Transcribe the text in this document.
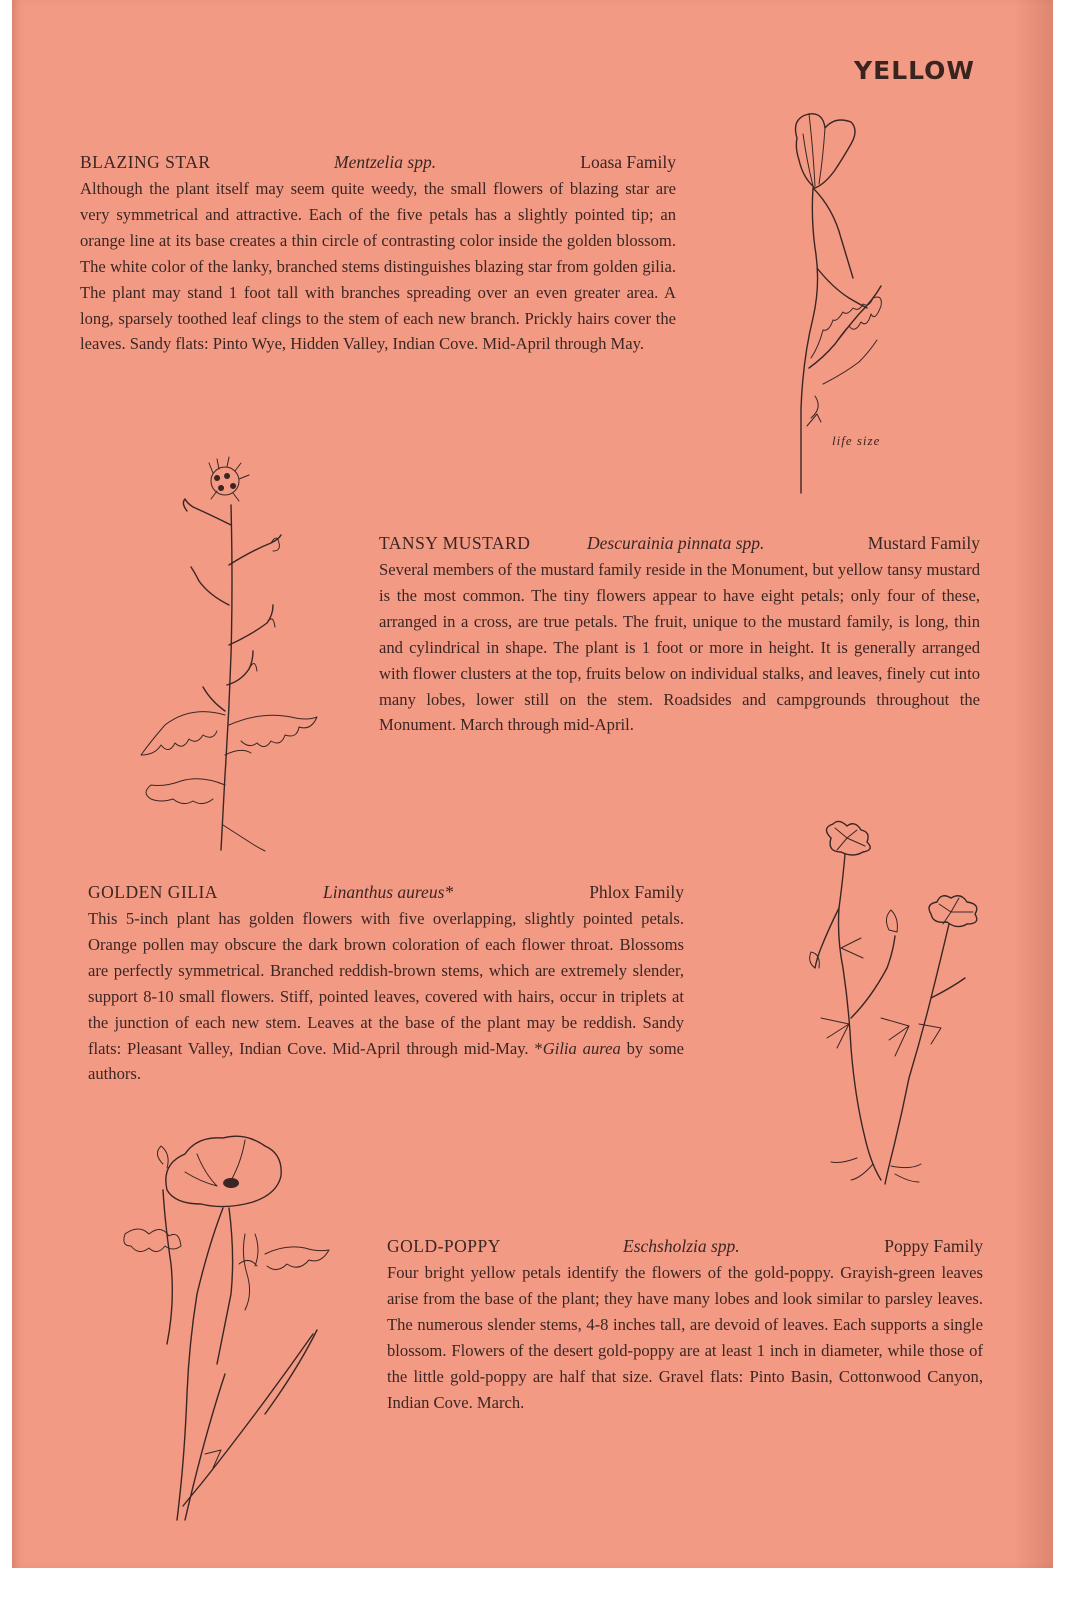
YELLOW
BLAZING STAR	Mentzelia spp.	Loasa Family

Although the plant itself may seem quite weedy, the small flowers of blazing star are very symmetrical and attractive. Each of the five petals has a slightly pointed tip; an orange line at its base creates a thin circle of contrasting color inside the golden blossom. The white color of the lanky, branched stems distinguishes blazing star from golden gilia. The plant may stand 1 foot tall with branches spreading over an even greater area. A long, sparsely toothed leaf clings to the stem of each new branch. Prickly hairs cover the leaves. Sandy flats: Pinto Wye, Hidden Valley, Indian Cove. Mid-April through May.

life size
TANSY MUSTARD	Descurainia pinnata spp.	Mustard Family

Several members of the mustard family reside in the Monument, but yellow tansy mustard is the most common. The tiny flowers appear to have eight petals; only four of these, arranged in a cross, are true petals. The fruit, unique to the mustard family, is long, thin and cylindrical in shape. The plant is 1 foot or more in height. It is generally arranged with flower clusters at the top, fruits below on individual stalks, and leaves, finely cut into many lobes, lower still on the stem. Roadsides and campgrounds throughout the Monument. March through mid-April.

GOLDEN GILIA	Linanthus aureus*	Phlox Family

This 5-inch plant has golden flowers with five overlapping, slightly pointed petals. Orange pollen may obscure the dark brown coloration of each flower throat. Blossoms are perfectly symmetrical. Branched reddish-brown stems, which are extremely slender, support 8-10 small flowers. Stiff, pointed leaves, covered with hairs, occur in triplets at the junction of each new stem. Leaves at the base of the plant may be reddish. Sandy flats: Pleasant Valley, Indian Cove. Mid-April through mid-May. *Gilia aurea by some authors.

GOLD-POPPY	Eschsholzia spp.	Poppy Family

Four bright yellow petals identify the flowers of the gold-poppy. Grayish-green leaves arise from the base of the plant; they have many lobes and look similar to parsley leaves. The numerous slender stems, 4-8 inches tall, are devoid of leaves. Each supports a single blossom. Flowers of the desert gold-poppy are at least 1 inch in diameter, while those of the little gold-poppy are half that size. Gravel flats: Pinto Basin, Cottonwood Canyon, Indian Cove. March.
